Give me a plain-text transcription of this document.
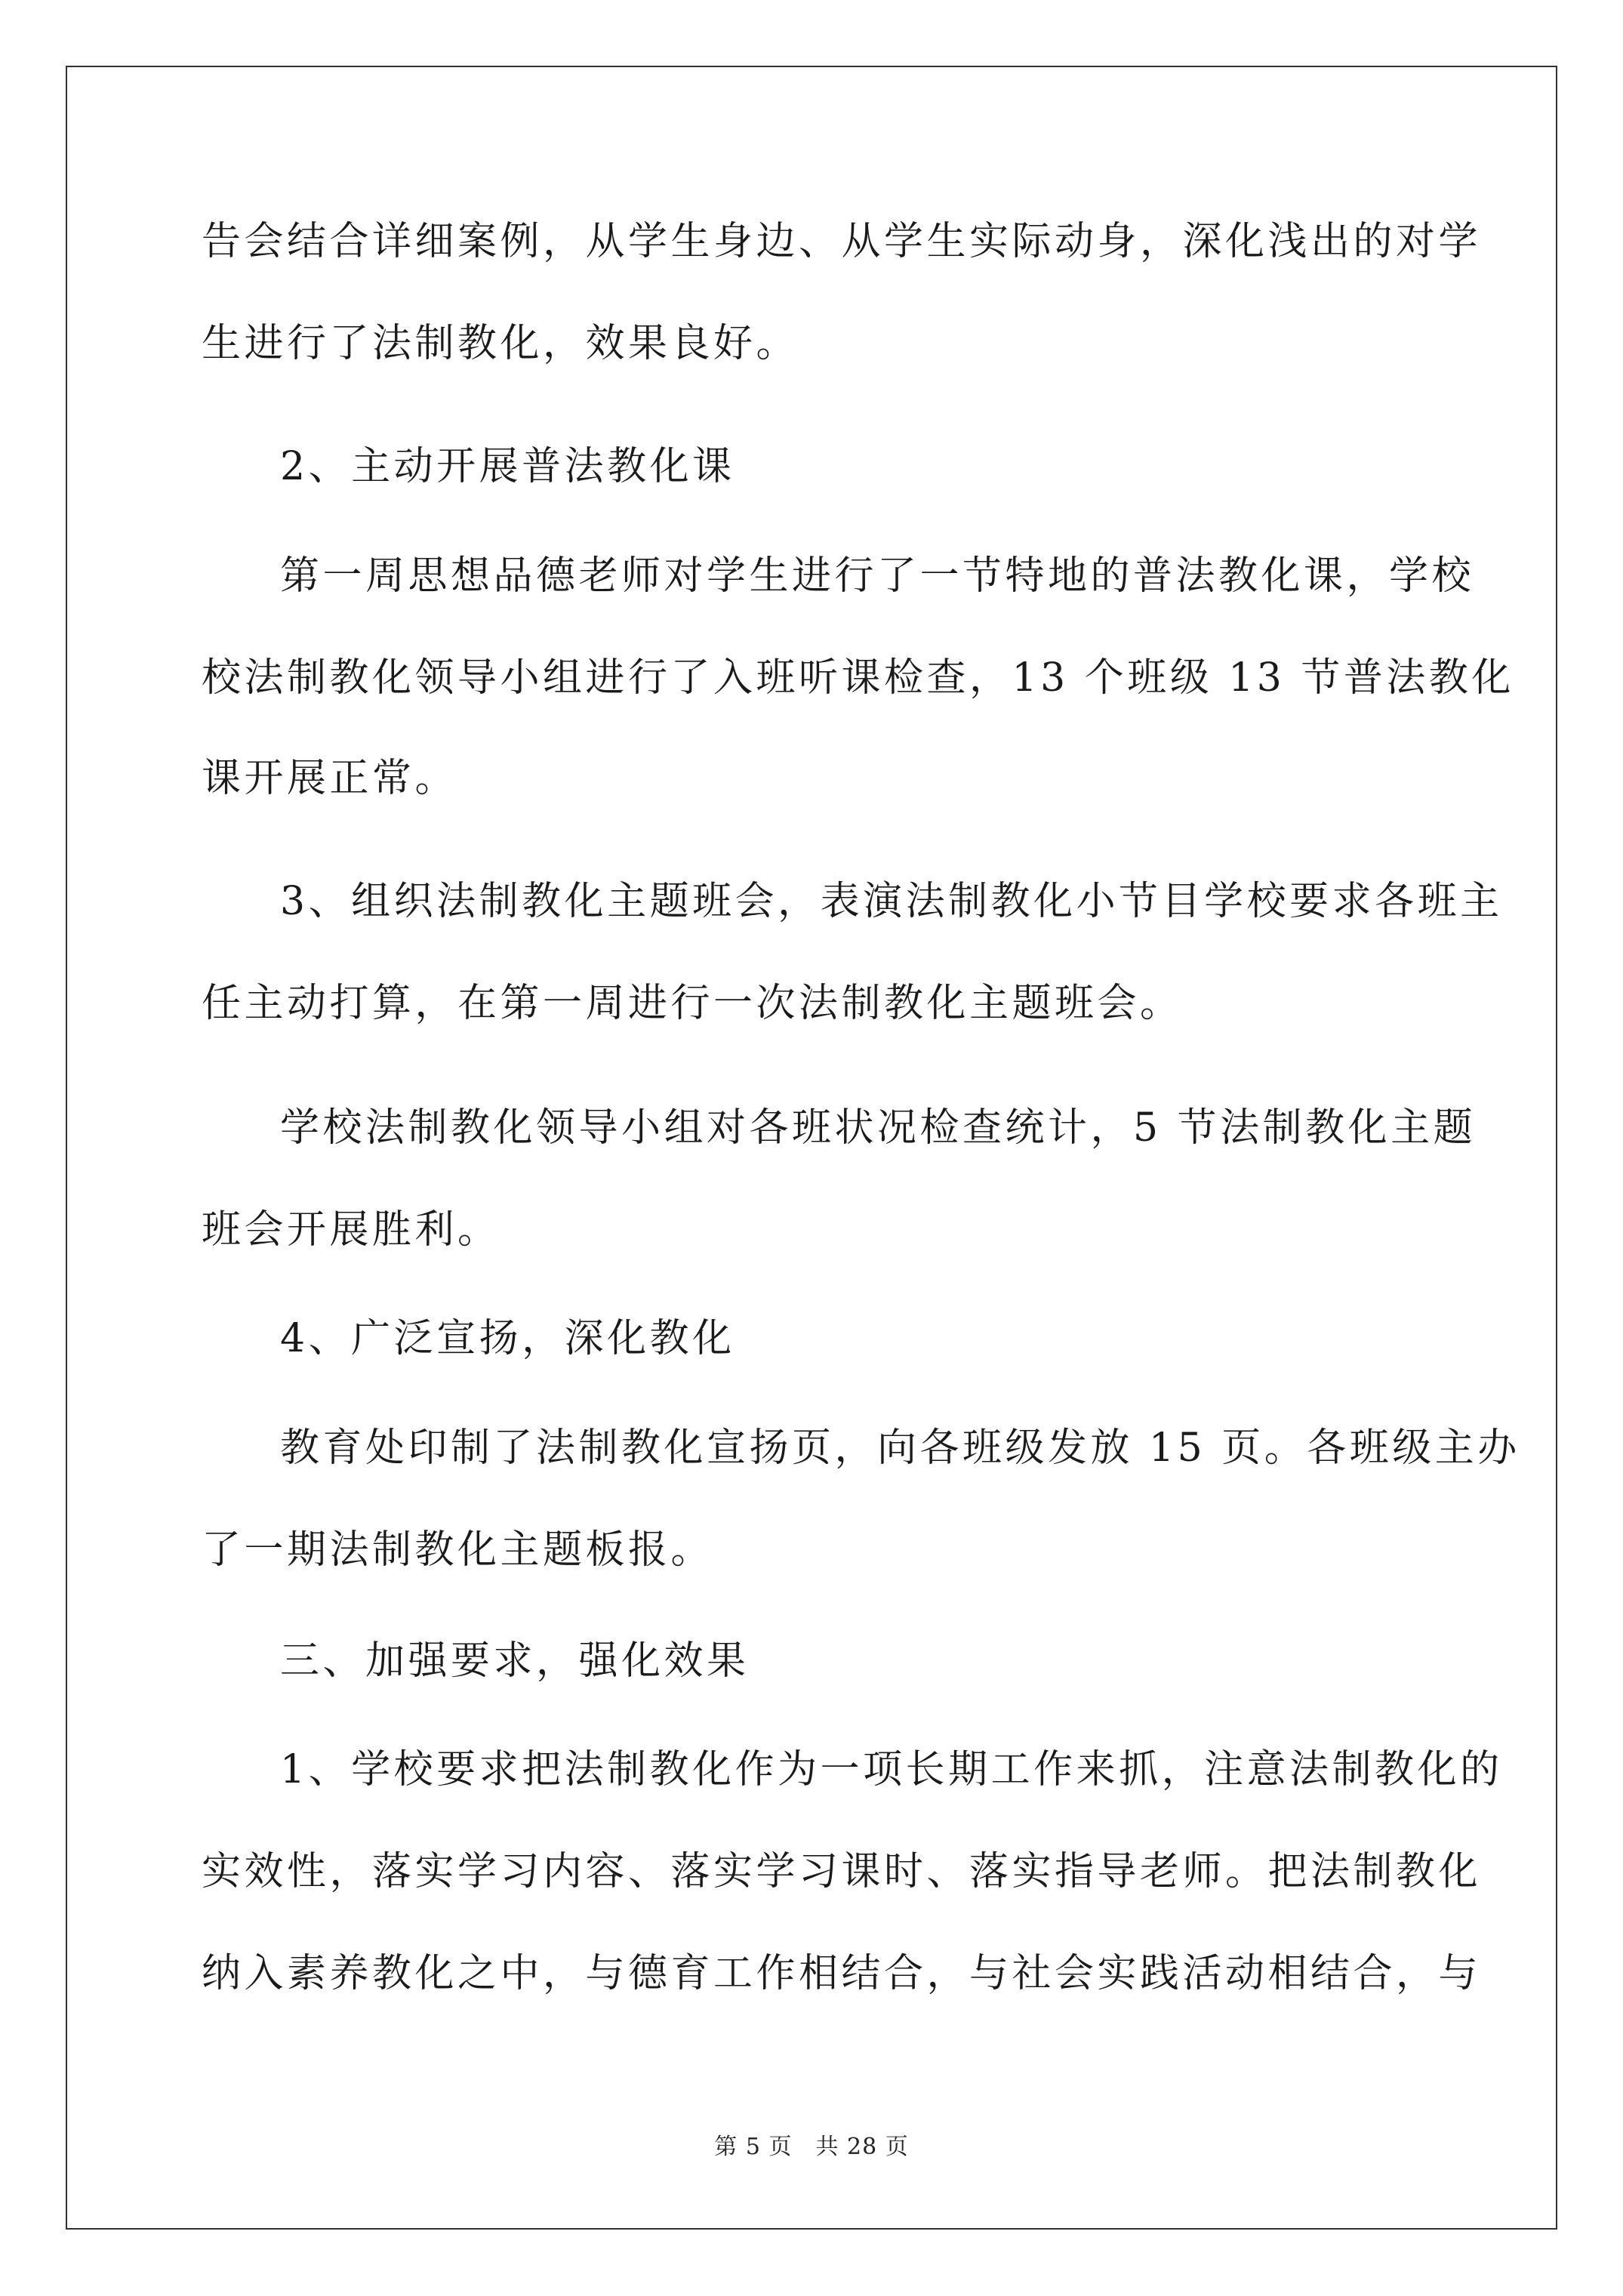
告会结合详细案例，从学生身边、从学生实际动身，深化浅出的对学
生进行了法制教化，效果良好。
2、主动开展普法教化课
第一周思想品德老师对学生进行了一节特地的普法教化课，学校
校法制教化领导小组进行了入班听课检查，13 个班级 13 节普法教化
课开展正常。
3、组织法制教化主题班会，表演法制教化小节目学校要求各班主
任主动打算，在第一周进行一次法制教化主题班会。
学校法制教化领导小组对各班状况检查统计，5 节法制教化主题
班会开展胜利。
4、广泛宣扬，深化教化
教育处印制了法制教化宣扬页，向各班级发放 15 页。各班级主办
了一期法制教化主题板报。
三、加强要求，强化效果
1、学校要求把法制教化作为一项长期工作来抓，注意法制教化的
实效性，落实学习内容、落实学习课时、落实指导老师。把法制教化
纳入素养教化之中，与德育工作相结合，与社会实践活动相结合，与
第 5 页　共 28 页
